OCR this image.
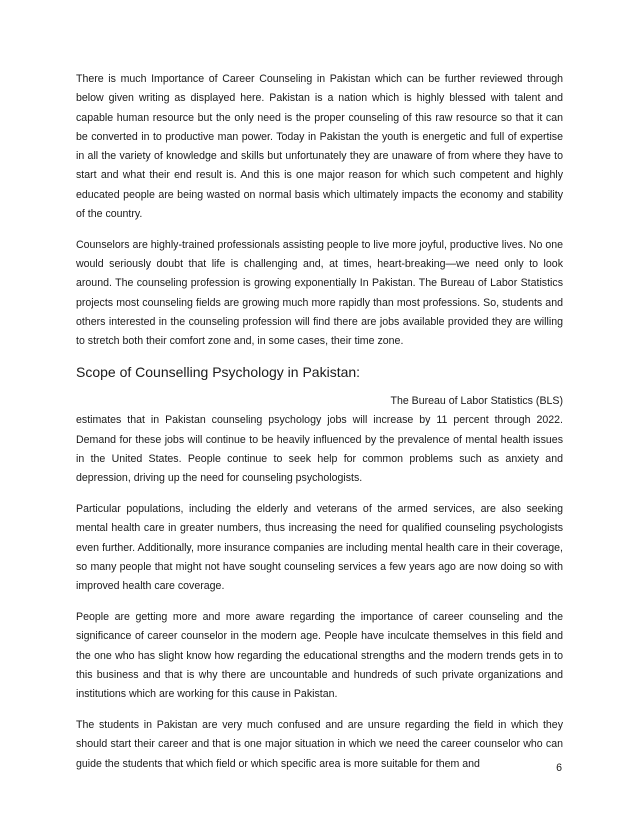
There is much Importance of Career Counseling in Pakistan which can be further reviewed through below given writing as displayed here. Pakistan is a nation which is highly blessed with talent and capable human resource but the only need is the proper counseling of this raw resource so that it can be converted in to productive man power. Today in Pakistan the youth is energetic and full of expertise in all the variety of knowledge and skills but unfortunately they are unaware of from where they have to start and what their end result is. And this is one major reason for which such competent and highly educated people are being wasted on normal basis which ultimately impacts the economy and stability of the country.

Counselors are highly-trained professionals assisting people to live more joyful, productive lives. No one would seriously doubt that life is challenging and, at times, heart-breaking—we need only to look around. The counseling profession is growing exponentially In Pakistan. The Bureau of Labor Statistics projects most counseling fields are growing much more rapidly than most professions. So, students and others interested in the counseling profession will find there are jobs available provided they are willing to stretch both their comfort zone and, in some cases, their time zone.

Scope of Counselling Psychology in Pakistan:

The Bureau of Labor Statistics (BLS)
estimates that in Pakistan counseling psychology jobs will increase by 11 percent through 2022. Demand for these jobs will continue to be heavily influenced by the prevalence of mental health issues in the United States. People continue to seek help for common problems such as anxiety and depression, driving up the need for counseling psychologists.

Particular populations, including the elderly and veterans of the armed services, are also seeking mental health care in greater numbers, thus increasing the need for qualified counseling psychologists even further. Additionally, more insurance companies are including mental health care in their coverage, so many people that might not have sought counseling services a few years ago are now doing so with improved health care coverage.

People are getting more and more aware regarding the importance of career counseling and the significance of career counselor in the modern age. People have inculcate themselves in this field and the one who has slight know how regarding the educational strengths and the modern trends gets in to this business and that is why there are uncountable and hundreds of such private organizations and institutions which are working for this cause in Pakistan.

The students in Pakistan are very much confused and are unsure regarding the field in which they should start their career and that is one major situation in which we need the career counselor who can guide the students that which field or which specific area is more suitable for them and	6
